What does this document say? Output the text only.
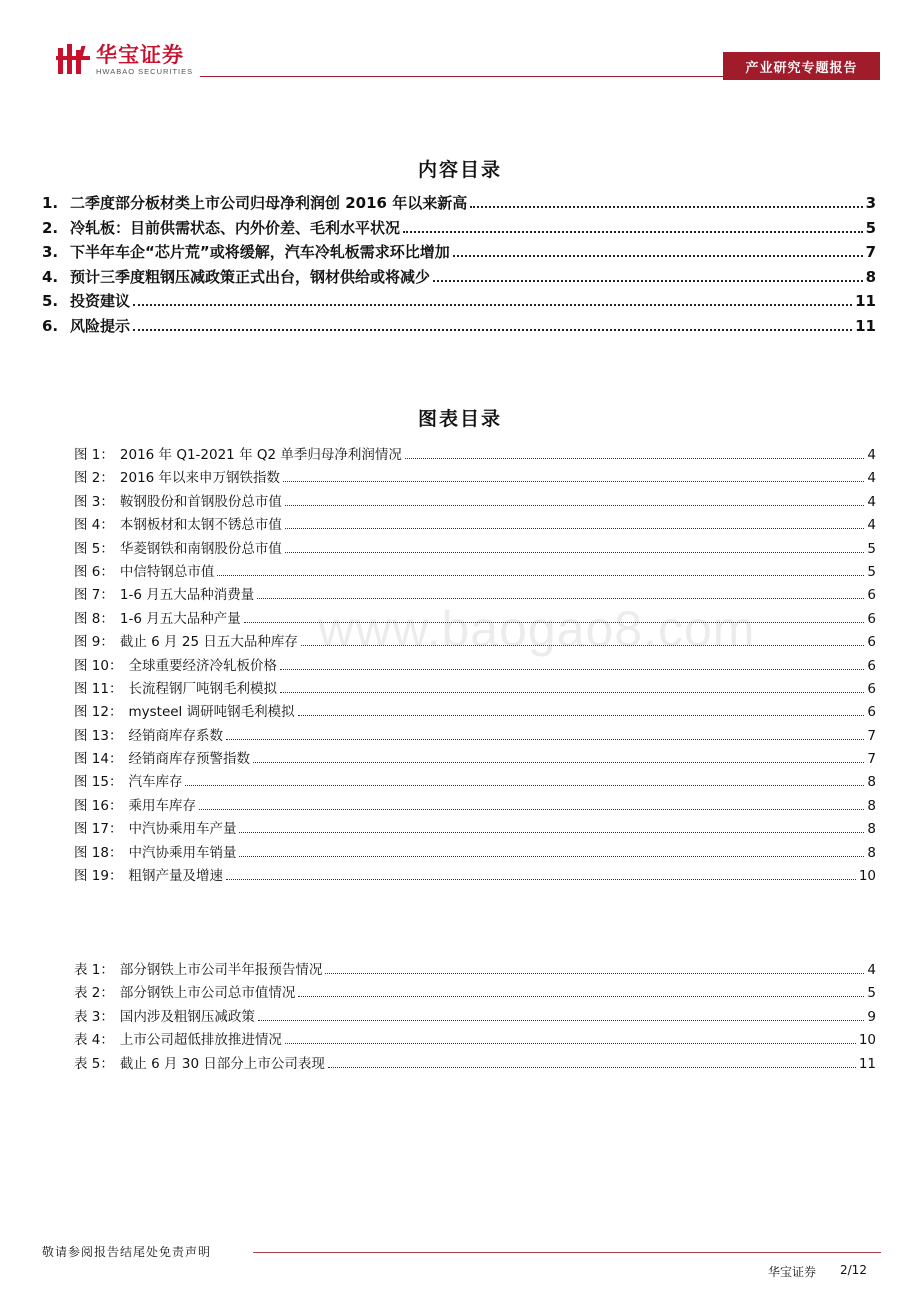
华宝证券
HWABAO SECURITIES	产业研究专题报告
www.baogao8.com
内容目录
1. 二季度部分板材类上市公司归母净利润创 2016 年以来新高	3
2. 冷轧板：目前供需状态、内外价差、毛利水平状况	5
3. 下半年车企“芯片荒”或将缓解，汽车冷轧板需求环比增加	7
4. 预计三季度粗钢压减政策正式出台，钢材供给或将减少	8
5. 投资建议	11
6. 风险提示	11
图表目录
图 1： 2016 年 Q1-2021 年 Q2 单季归母净利润情况	4
图 2： 2016 年以来申万钢铁指数	4
图 3： 鞍钢股份和首钢股份总市值	4
图 4： 本钢板材和太钢不锈总市值	4
图 5： 华菱钢铁和南钢股份总市值	5
图 6： 中信特钢总市值	5
图 7： 1-6 月五大品种消费量	6
图 8： 1-6 月五大品种产量	6
图 9： 截止 6 月 25 日五大品种库存	6
图 10： 全球重要经济冷轧板价格	6
图 11： 长流程钢厂吨钢毛利模拟	6
图 12： mysteel 调研吨钢毛利模拟	6
图 13： 经销商库存系数	7
图 14： 经销商库存预警指数	7
图 15： 汽车库存	8
图 16： 乘用车库存	8
图 17： 中汽协乘用车产量	8
图 18： 中汽协乘用车销量	8
图 19： 粗钢产量及增速	10
表 1： 部分钢铁上市公司半年报预告情况	4
表 2： 部分钢铁上市公司总市值情况	5
表 3： 国内涉及粗钢压减政策	9
表 4： 上市公司超低排放推进情况	10
表 5： 截止 6 月 30 日部分上市公司表现	11
敬请参阅报告结尾处免责声明
华宝证券 2/12
